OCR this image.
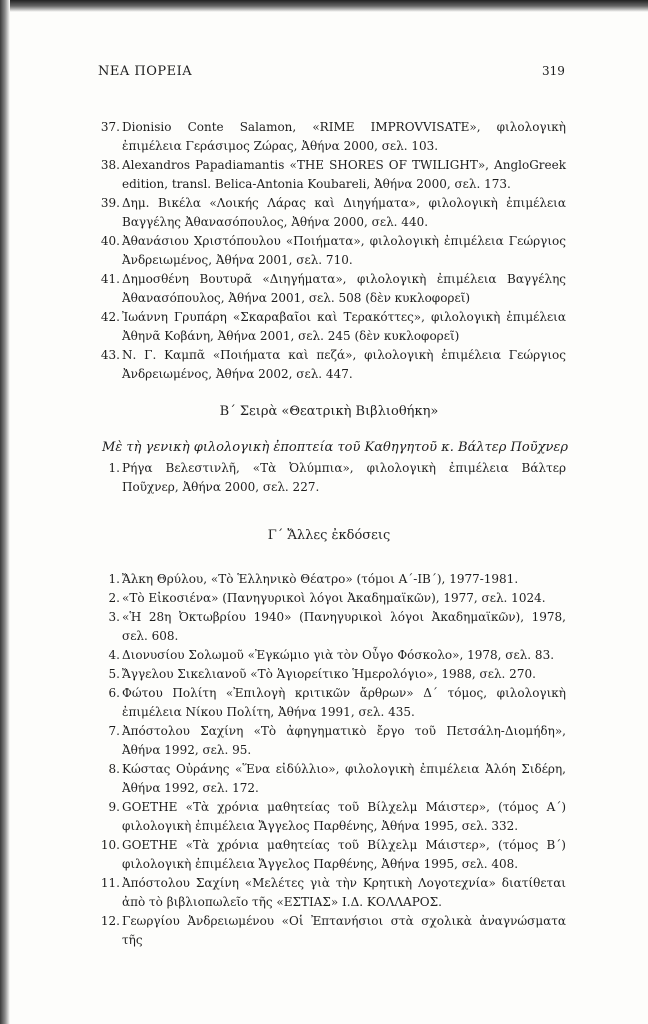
ΝΕΑ ΠΟΡΕΙΑ	319
37. Dionisio Conte Salamon, «RIME IMPROVVISATE», φιλολογικὴ ἐπιμέλεια Γεράσιμος Ζώρας, Ἀθήνα 2000, σελ. 103.
38. Alexandros Papadiamantis «THE SHORES OF TWILIGHT», AngloGreek edition, transl. Belica-Antonia Koubareli, Ἀθήνα 2000, σελ. 173.
39. Δημ. Βικέλα «Λοικής Λάρας καὶ Διηγήματα», φιλολογικὴ ἐπιμέλεια Βαγγέλης Ἀθανασόπουλος, Ἀθήνα 2000, σελ. 440.
40. Ἀθανάσιου Χριστόπουλου «Ποιήματα», φιλολογικὴ ἐπιμέλεια Γεώργιος Ἀνδρειωμένος, Ἀθήνα 2001, σελ. 710.
41. Δημοσθένη Βουτυρᾶ «Διηγήματα», φιλολογικὴ ἐπιμέλεια Βαγγέλης Ἀθανασόπουλος, Ἀθήνα 2001, σελ. 508 (δὲν κυκλοφορεῖ)
42. Ἰωάννη Γρυπάρη «Σκαραβαῖοι καὶ Τερακόττες», φιλολογικὴ ἐπιμέλεια Ἀθηνᾶ Κοβάνη, Ἀθήνα 2001, σελ. 245 (δὲν κυκλοφορεῖ)
43. Ν. Γ. Καμπᾶ «Ποιήματα καὶ πεζά», φιλολογικὴ ἐπιμέλεια Γεώργιος Ἀνδρειωμένος, Ἀθήνα 2002, σελ. 447.
Β΄ Σειρὰ «Θεατρικὴ Βιβλιοθήκη»
Μὲ τὴ γενικὴ φιλολογικὴ ἐποπτεία τοῦ Καθηγητοῦ κ. Βάλτερ Ποῦχνερ
1. Ρήγα Βελεστινλῆ, «Τὰ Ὀλύμπια», φιλολογικὴ ἐπιμέλεια Βάλτερ Ποῦχνερ, Ἀθήνα 2000, σελ. 227.
Γ΄ Ἄλλες ἐκδόσεις
1. Ἄλκη Θρύλου, «Τὸ Ἑλληνικὸ Θέατρο» (τόμοι Α΄-ΙΒ΄), 1977-1981.
2. «Τὸ Εἰκοσιένα» (Πανηγυρικοὶ λόγοι Ἀκαδημαϊκῶν), 1977, σελ. 1024.
3. «Ἡ 28η Ὀκτωβρίου 1940» (Πανηγυρικοὶ λόγοι Ἀκαδημαϊκῶν), 1978, σελ. 608.
4. Διονυσίου Σολωμοῦ «Ἐγκώμιο γιὰ τὸν Οὖγο Φόσκολο», 1978, σελ. 83.
5. Ἄγγελου Σικελιανοῦ «Τὸ Ἁγιορείτικο Ἡμερολόγιο», 1988, σελ. 270.
6. Φώτου Πολίτη «Ἐπιλογὴ κριτικῶν ἄρθρων» Δ΄ τόμος, φιλολογικὴ ἐπιμέλεια Νίκου Πολίτη, Ἀθήνα 1991, σελ. 435.
7. Ἀπόστολου Σαχίνη «Τὸ ἀφηγηματικὸ ἔργο τοῦ Πετσάλη-Διομήδη», Ἀθήνα 1992, σελ. 95.
8. Κώστας Οὐράνης «Ἕνα εἰδύλλιο», φιλολογικὴ ἐπιμέλεια Ἀλόη Σιδέρη, Ἀθήνα 1992, σελ. 172.
9. GOETHE «Τὰ χρόνια μαθητείας τοῦ Βίλχελμ Μάιστερ», (τόμος Α΄) φιλολογικὴ ἐπιμέλεια Ἄγγελος Παρθένης, Ἀθήνα 1995, σελ. 332.
10. GOETHE «Τὰ χρόνια μαθητείας τοῦ Βίλχελμ Μάιστερ», (τόμος Β΄) φιλολογικὴ ἐπιμέλεια Ἄγγελος Παρθένης, Ἀθήνα 1995, σελ. 408.
11. Ἀπόστολου Σαχίνη «Μελέτες γιὰ τὴν Κρητικὴ Λογοτεχνία» διατίθεται ἀπὸ τὸ βιβλιοπωλεῖο τῆς «ΕΣΤΙΑΣ» Ι.Δ. ΚΟΛΛΑΡΟΣ.
12. Γεωργίου Ἀνδρειωμένου «Οἱ Ἐπτανήσιοι στὰ σχολικὰ ἀναγνώσματα τῆς
